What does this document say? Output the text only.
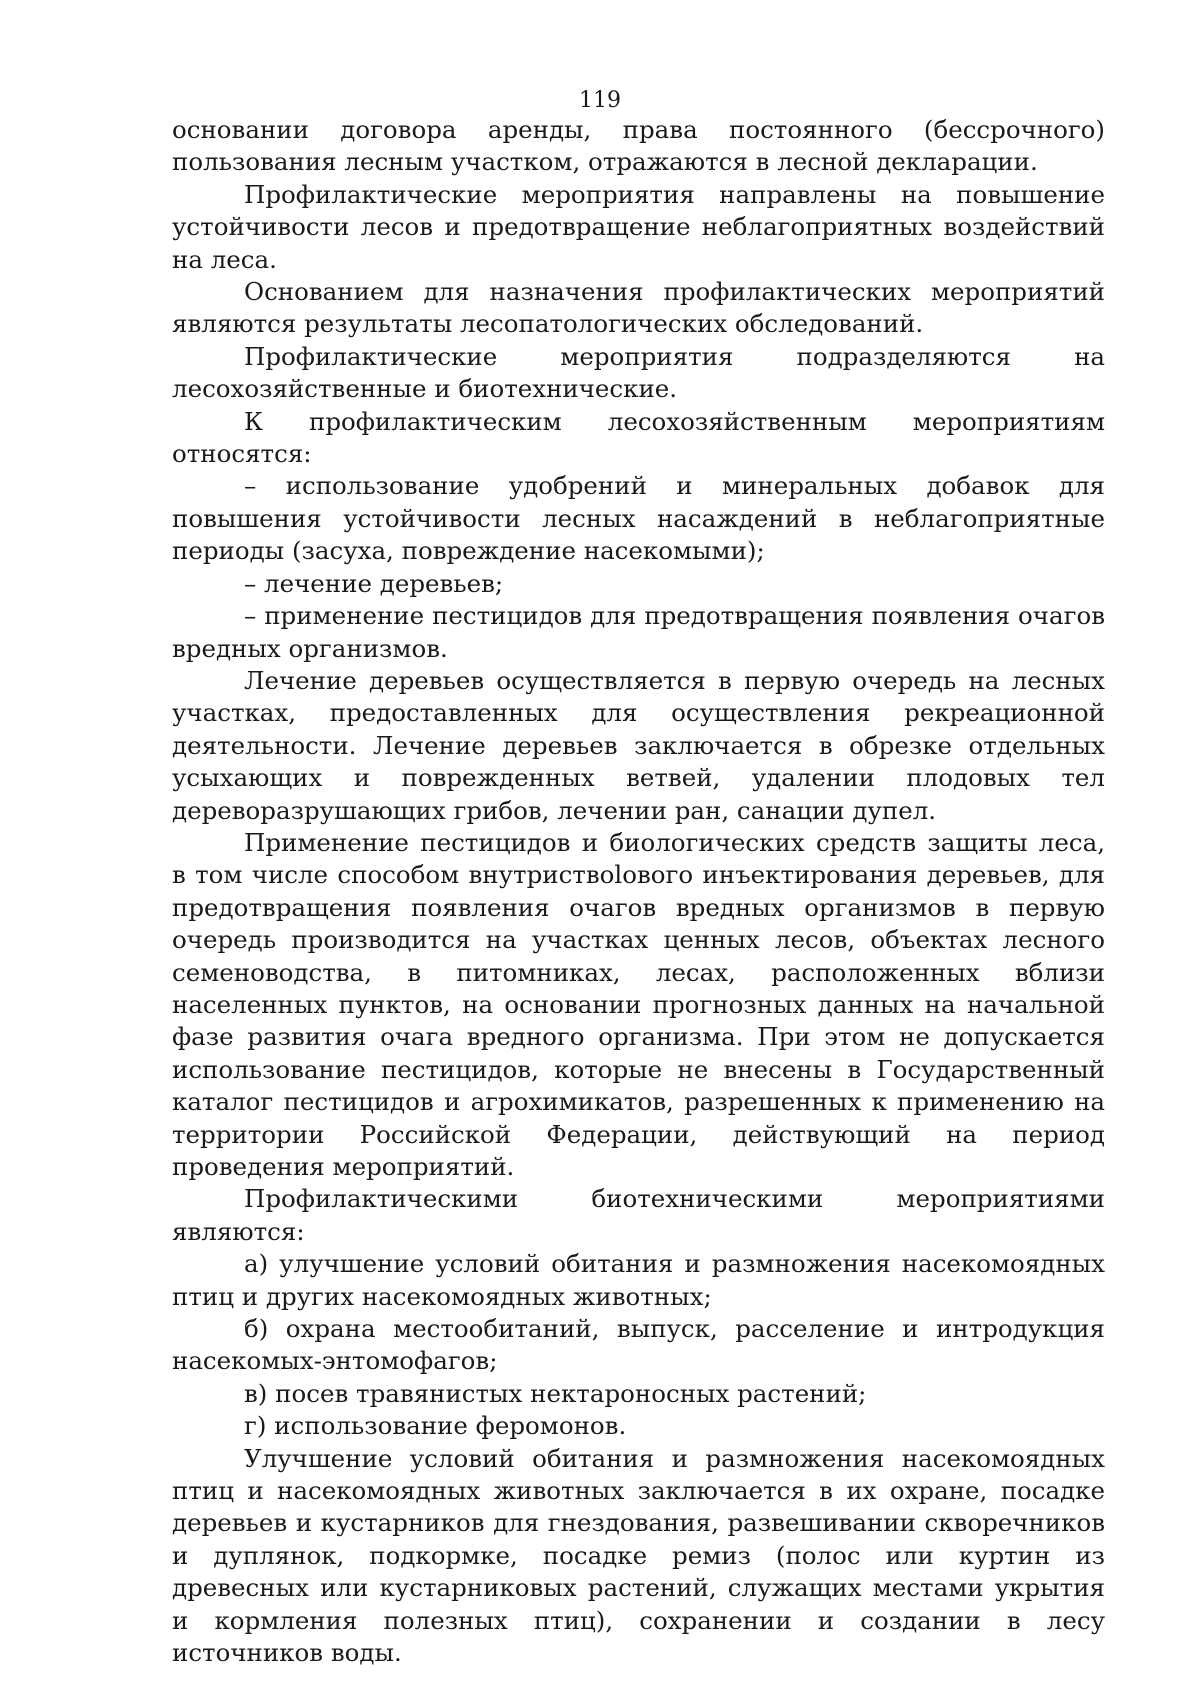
119

основании договора аренды, права постоянного (бессрочного) пользования лесным участком, отражаются в лесной декларации.

Профилактические мероприятия направлены на повышение устойчивости лесов и предотвращение неблагоприятных воздействий на леса.

Основанием для назначения профилактических мероприятий являются результаты лесопатологических обследований.

Профилактические мероприятия подразделяются на лесохозяйственные и биотехнические.

К профилактическим лесохозяйственным мероприятиям относятся:

– использование удобрений и минеральных добавок для повышения устойчивости лесных насаждений в неблагоприятные периоды (засуха, повреждение насекомыми);

– лечение деревьев;

– применение пестицидов для предотвращения появления очагов вредных организмов.

Лечение деревьев осуществляется в первую очередь на лесных участках, предоставленных для осуществления рекреационной деятельности. Лечение деревьев заключается в обрезке отдельных усыхающих и поврежденных ветвей, удалении плодовых тел дереворазрушающих грибов, лечении ран, санации дупел.

Применение пестицидов и биологических средств защиты леса, в том числе способом внутриствolового инъектирования деревьев, для предотвращения появления очагов вредных организмов в первую очередь производится на участках ценных лесов, объектах лесного семеноводства, в питомниках, лесах, расположенных вблизи населенных пунктов, на основании прогнозных данных на начальной фазе развития очага вредного организма. При этом не допускается использование пестицидов, которые не внесены в Государственный каталог пестицидов и агрохимикатов, разрешенных к применению на территории Российской Федерации, действующий на период проведения мероприятий.

Профилактическими биотехническими мероприятиями являются:

а) улучшение условий обитания и размножения насекомоядных птиц и других насекомоядных животных;

б) охрана местообитаний, выпуск, расселение и интродукция насекомых-энтомофагов;

в) посев травянистых нектароносных растений;

г) использование феромонов.

Улучшение условий обитания и размножения насекомоядных птиц и насекомоядных животных заключается в их охране, посадке деревьев и кустарников для гнездования, развешивании скворечников и дуплянок, подкормке, посадке ремиз (полос или куртин из древесных или кустарниковых растений, служащих местами укрытия и кормления полезных птиц), сохранении и создании в лесу источников воды.
